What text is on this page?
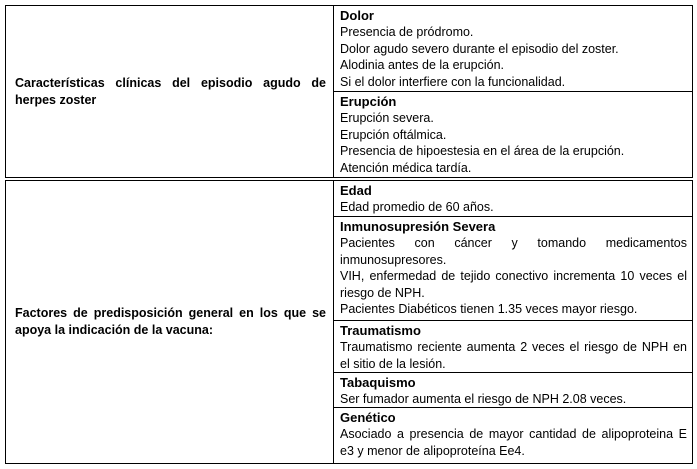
Características clínicas del episodio agudo de herpes zoster

Dolor
Presencia de pródromo.
Dolor agudo severo durante el episodio del zoster.
Alodinia antes de la erupción.
Si el dolor interfiere con la funcionalidad.
Erupción
Erupción severa.
Erupción oftálmica.
Presencia de hipoestesia en el área de la erupción.
Atención médica tardía.

Factores de predisposición general en los que se apoya la indicación de la vacuna:

Edad
Edad promedio de 60 años.
Inmunosupresión Severa
Pacientes con cáncer y tomando medicamentos inmunosupresores.
VIH, enfermedad de tejido conectivo incrementa 10 veces el riesgo de NPH.
Pacientes Diabéticos tienen 1.35 veces mayor riesgo.
Traumatismo
Traumatismo reciente aumenta 2 veces el riesgo de NPH en el sitio de la lesión.
Tabaquismo
Ser fumador aumenta el riesgo de NPH 2.08 veces.
Genético
Asociado a presencia de mayor cantidad de alipoproteina E e3 y menor de alipoproteína Ee4.
